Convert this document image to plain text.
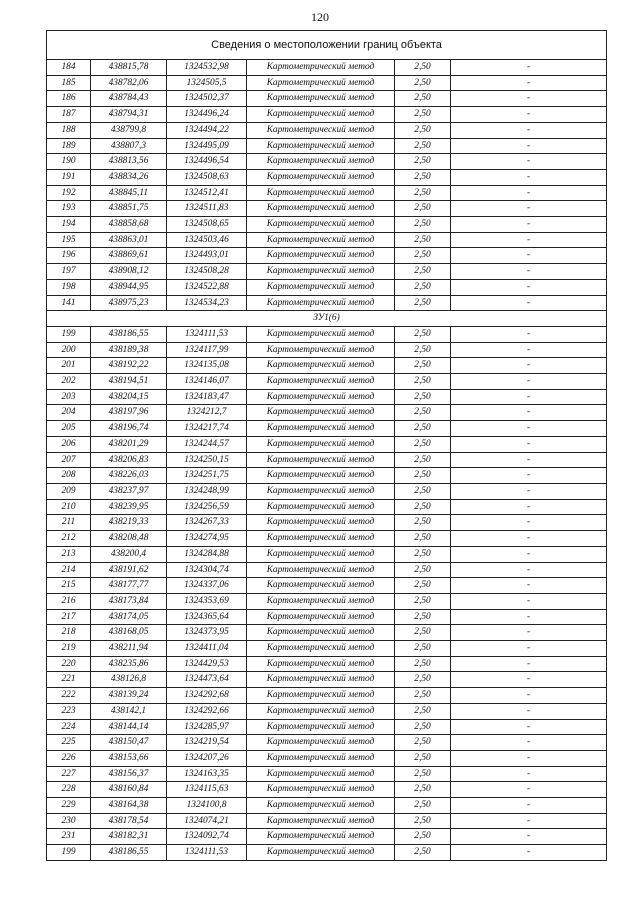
120
Сведения о местоположении границ объекта					
184	438815,78	1324532,98	Картометрический метод	2,50	-
185	438782,06	1324505,5	Картометрический метод	2,50	-
186	438784,43	1324502,37	Картометрический метод	2,50	-
187	438794,31	1324496,24	Картометрический метод	2,50	-
188	438799,8	1324494,22	Картометрический метод	2,50	-
189	438807,3	1324495,09	Картометрический метод	2,50	-
190	438813,56	1324496,54	Картометрический метод	2,50	-
191	438834,26	1324508,63	Картометрический метод	2,50	-
192	438845,11	1324512,41	Картометрический метод	2,50	-
193	438851,75	1324511,83	Картометрический метод	2,50	-
194	438858,68	1324508,65	Картометрический метод	2,50	-
195	438863,01	1324503,46	Картометрический метод	2,50	-
196	438869,61	1324493,01	Картометрический метод	2,50	-
197	438908,12	1324508,28	Картометрический метод	2,50	-
198	438944,95	1324522,88	Картометрический метод	2,50	-
141	438975,23	1324534,23	Картометрический метод	2,50	-
ЗУ1(6)					
199	438186,55	1324111,53	Картометрический метод	2,50	-
200	438189,38	1324117,99	Картометрический метод	2,50	-
201	438192,22	1324135,08	Картометрический метод	2,50	-
202	438194,51	1324146,07	Картометрический метод	2,50	-
203	438204,15	1324183,47	Картометрический метод	2,50	-
204	438197,96	1324212,7	Картометрический метод	2,50	-
205	438196,74	1324217,74	Картометрический метод	2,50	-
206	438201,29	1324244,57	Картометрический метод	2,50	-
207	438206,83	1324250,15	Картометрический метод	2,50	-
208	438226,03	1324251,75	Картометрический метод	2,50	-
209	438237,97	1324248,99	Картометрический метод	2,50	-
210	438239,95	1324256,59	Картометрический метод	2,50	-
211	438219,33	1324267,33	Картометрический метод	2,50	-
212	438208,48	1324274,95	Картометрический метод	2,50	-
213	438200,4	1324284,88	Картометрический метод	2,50	-
214	438191,62	1324304,74	Картометрический метод	2,50	-
215	438177,77	1324337,06	Картометрический метод	2,50	-
216	438173,84	1324353,69	Картометрический метод	2,50	-
217	438174,05	1324365,64	Картометрический метод	2,50	-
218	438168,05	1324373,95	Картометрический метод	2,50	-
219	438211,94	1324411,04	Картометрический метод	2,50	-
220	438235,86	1324429,53	Картометрический метод	2,50	-
221	438126,8	1324473,64	Картометрический метод	2,50	-
222	438139,24	1324292,68	Картометрический метод	2,50	-
223	438142,1	1324292,66	Картометрический метод	2,50	-
224	438144,14	1324285,97	Картометрический метод	2,50	-
225	438150,47	1324219,54	Картометрический метод	2,50	-
226	438153,66	1324207,26	Картометрический метод	2,50	-
227	438156,37	1324163,35	Картометрический метод	2,50	-
228	438160,84	1324115,63	Картометрический метод	2,50	-
229	438164,38	1324100,8	Картометрический метод	2,50	-
230	438178,54	1324074,21	Картометрический метод	2,50	-
231	438182,31	1324092,74	Картометрический метод	2,50	-
199	438186,55	1324111,53	Картометрический метод	2,50	-
